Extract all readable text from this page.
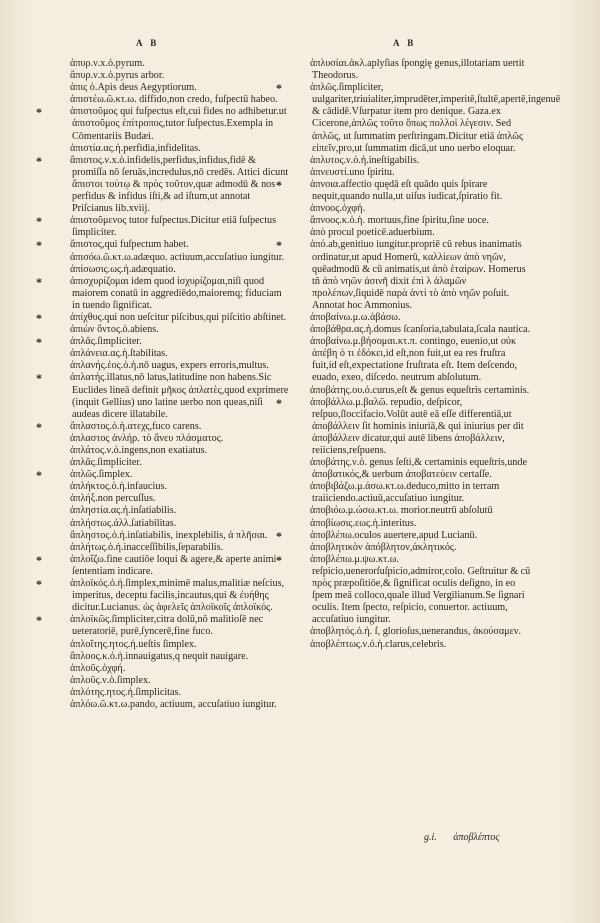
A B	A B

ἀπυρ.ν.x.ὁ.pyrum.

ἄπυρ.ν.x.ὁ.pyrus arbor.

ἀπις ὁ.Apis deus Aegyptiorum.

ἀπιστέω.ῶ.κτ.ω. diffido,non credo, fuſpectū habeo.

* ἀπιστοῦμος qui fuſpectus eſt,cui fides no adhibetur.ut ἀπιστοῦμος ἐπίτροπος,tutor ſuſpectus.Exempla in Cōmentariis Budæi.

ἀπιστία.ας.ἡ.perfidia,infidelitas.

* ἄπιστος.ν.x.ὁ.infidelis,perfidus,infidus,fidē & promiſſa nō ſeruās,incredulus,nō credēs. Attici dicunt ἄπιστοι τούτῳ & πρὸς τοῦτον,quæ admodū & nos perfidus & infidus iſti,& ad iſtum,ut annotat Priſcianus lib.xviij.

* ἀπιστοῦμενος tutor fuſpectus.Dicitur etiā ſuſpectus ſimpliciter.

* ἄπιστος,qui fuſpectum habet.

ἀπισόω.ῶ.κτ.ω.adæquo. actiuum,accuſatiuo iungitur.

ἀπίσωσις.ως.ἡ.adæquatio.

* ἀπισχυρίζομαι idem quod ἰσχυρίζομαι,niſi quod maiorem conatū in aggrediēdo,maioremq; fiduciam in tuendo ſignificat.

* ἀπίχθυς.qui non ueſcitur piſcibus,qui piſcitio abſtinet.

ἀπιὼν ὄντος.ὁ.abiens.

* ἀπλᾶς.ſimpliciter.

ἀπλάνεια.ας.ἡ.ſtabilitas.

ἀπλανής.ἑος.ὁ.ἡ.nō uagus, expers erroris,multus.

* ἀπλατής.illatus,nō latus,latitudine non habens.Sic Euclides lineā definit μῆκος ἀπλατὲς,quod exprimere (inquit Gellius) uno latine uerbo non queas,niſi audeas dicere illatabile.

* ἄπλαστος.ὁ.ἡ.ατεχς,fuco carens.

ἀπλαστος ἀνλήρ. τὸ ἄνευ πλάσματος.

ἀπλάτος.ν.ὁ.ingens,non exatiatus.

ἀπλᾶς.ſimpliciter.

* ἁπλῶς.ſimplex.

ἀπλήκτος.ὁ.ἡ.infaucius.

ἀπλήξ.non percuſſus.

ἀπληστία.ας.ἡ.inſatiabilis.

ἀπλήστως.ἀλλ.ſatiabilitas.

ἄπληστος.ὁ.ἡ.inſatiabilis, inexplebilis, ἀ πλῆσαι.

ἀπλήτως.ὁ.ἡ.inacceſſibilis,ſeparabilis.

* ἀπλοΐζω.fine cautiōe loqui & agere,& aperte animi ſententiam indicare.

* ἁπλοϊκός.ὁ.ἡ.ſimplex,minimē malus,malitiæ neſcius, imperitus, deceptu facilis,incautus,qui & ἐυήθης dicitur.Lucianus. ὡς ἀφελεῖς ἁπλοϊκοῖς ἁπλοϊκός.

* ἁπλοϊκῶς.ſimpliciter,citra dolū,nō malitioſē nec ueteratoriē, purē,ſyncerē,fine fuco.

ἁπλοΐτης.ητος.ἡ.ueſtis ſimplex.

ἄπλοος.κ.ὁ.ἡ.innauigatus,q nequit nauigare.

ἀπλοῦς.ὀχφή.

ἁπλοῦς.ν.ὁ.ſimplex.

ἁπλότης.ητος.ἡ.ſimplicitas.

ἁπλόω.ῶ.κτ.ω.pando, actiuum, accuſatiuo iungitur.

ἀπλυσίαι.ἀκλ.aplyſias ſpongię genus,illotariam uertit Theodorus.

* ἁπλῶς.ſimpliciter, uulgariter,triuialiter,imprudēter,imperitē,ſtultē,apertē,ingenuē & cādidē.Vſurpatur item pro denique. Gaza.ex Cicerone,ἁπλῶς τοῦτο ὅπως πολλοὶ λέγεσιν. Sed ἁπλῶς, ut ſummatim perſtringam.Dicitur etiā ἁπλῶς εἰπεῖν,pro,ut ſummatim dicā,ut uno uerbo eloquar.

ἀπλυτος.ν.ὁ.ἡ.ineſtigabilis.

ἀπνευστί.uno ſpiritu.

* ἀπνοια.affectio quędā eſt quādo quis ſpirare nequit,quando nulla,ut uiſus iudicat,ſpiratio fit.

ἀπνοος.ὀχφή.

ἄπνοος.κ.ὁ.ἡ. mortuus,fine ſpiritu,ſine uoce.

ἀπὸ procul poeticē.aduerbium.

* ἀπό.ab,genitiuo iungitur.propriē cū rebus inanimatis ordinatur,ut apud Homerū, καλλίεων ἀπὸ νηῶν, quēadmodū & cū animatis,ut ἀπὸ ἑταίρων. Homerus tñ ἀπὸ νηῶν ἀσινῆ dixit ἐπὶ λ ἀλαμῶν προλέπων,ſiquidē παρὰ ἀντὶ τὸ ἀπὸ νηῶν poſuit. Annotat hoc Ammonius.

ἀποβαίνω.μ.ω.ἀβάσω.

ἀποβάθρα.ας.ἡ.domus ſcanſoria,tabulata,ſcala nautica.

ἀποβαίνω.μ.βήσομαι.κτ.π. contingo, euenio,ut οὐκ ἀπέβη ὁ τι ἐδόκει,id eſt,non fuit,ut ea res fruſtra fuit,id eſt,expectatione fruſtrata eſt. Item deſcendo, euado, exeo, diſcedo. neutrum abſolutum.

ἀποβάτης.ου.ὁ.curus,eſt & genus equeſtris certaminis.

* ἀποβάλλω.μ.βαλῶ. repudio, deſpicor, reſpuo,ſloccifacio.Volūt autē eā eſſe differentiā,ut ἀποβάλλειν ſit hominis iniuriā,& qui iniurius per dit ἀποβάλλειν dicatur,qui autē libens ἀποβάλλειν, reiiciens,reſpuens.

ἀποβάτης.ν.ὁ. genus ſeſti,& certaminis equeſtris,unde ἀποβατικός,& uerbum ἀποβατεύειν certaſſe.

ἀποβιβάζω.μ.άσω.κτ.ω.deduco,mitto in terram traiiciendo.actiuū,accuſatiuo iungitur.

ἀποβιόω.μ.ώσω.κτ.ω. morior.neutrū abſolutū

ἀποβίωσις.εως.ἡ.interitus.

* ἀποβλέπω.oculos auertere,apud Lucianū.

ἀποβλητικὸν ἀπόβλητον,ἀκλητικός.

* ἀποβλέπω.μ.ψω.κτ.ω. reſpicio,uenerorſuſpicio,admiror,colo. Geſtruitur & cū πρὸς præpoſitiōe,& ſignificat oculis deſigno, in eo ſpem meā colloco,quale illud Vergilianum.Se ſignari oculis. Item ſpecto, reſpicio, conuertor. actiuum, accuſatiuo iungitur.

ἀποβλητός.ὁ.ἡ. ſ, glorioſus,uenerandus, ἀκούσαμεν.

ἀποβλέπτως.ν.ὁ.ἡ.clarus,celebris.

g.i. ἀποβλέπτος
